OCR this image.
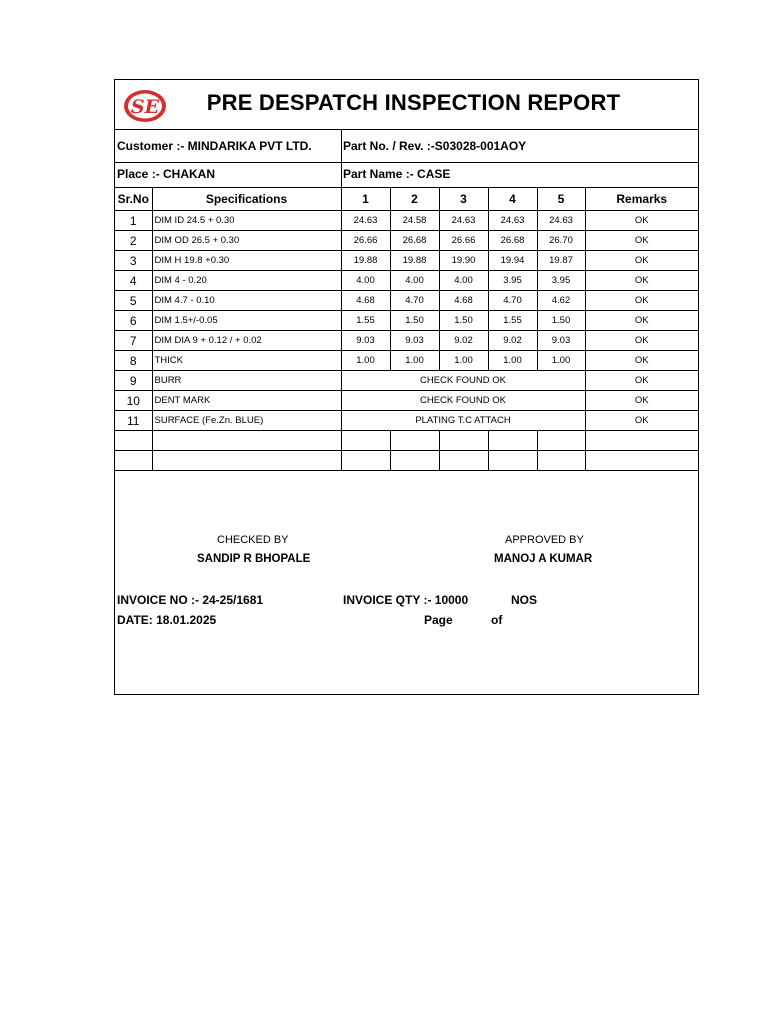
SE	PRE DESPATCH INSPECTION REPORT
Customer :- MINDARIKA PVT LTD.	Part No. / Rev. :-S03028-001AOY
Place :- CHAKAN	Part Name :- CASE
Sr.No	Specifications	1	2	3	4	5	Remarks
1	DIM ID 24.5 + 0.30	24.63	24.58	24.63	24.63	24.63	OK
2	DIM OD 26.5 + 0.30	26.66	26.68	26.66	26.68	26.70	OK
3	DIM H 19.8 +0.30	19.88	19.88	19.90	19.94	19.87	OK
4	DIM 4 - 0.20	4.00	4.00	4.00	3.95	3.95	OK
5	DIM 4.7 - 0.10	4.68	4.70	4.68	4.70	4.62	OK
6	DIM 1.5+/-0.05	1.55	1.50	1.50	1.55	1.50	OK
7	DIM DIA 9 + 0.12 / + 0.02	9.03	9.03	9.02	9.02	9.03	OK
8	THICK	1.00	1.00	1.00	1.00	1.00	OK
9	BURR	CHECK FOUND OK					OK
10	DENT MARK	CHECK FOUND OK					OK
11	SURFACE (Fe.Zn. BLUE)	PLATING T.C ATTACH					OK

CHECKED BY
SANDIP R BHOPALE
APPROVED BY
MANOJ A KUMAR
INVOICE NO :- 24-25/1681	INVOICE QTY :- 10000	NOS
DATE: 18.01.2025	Page	of
